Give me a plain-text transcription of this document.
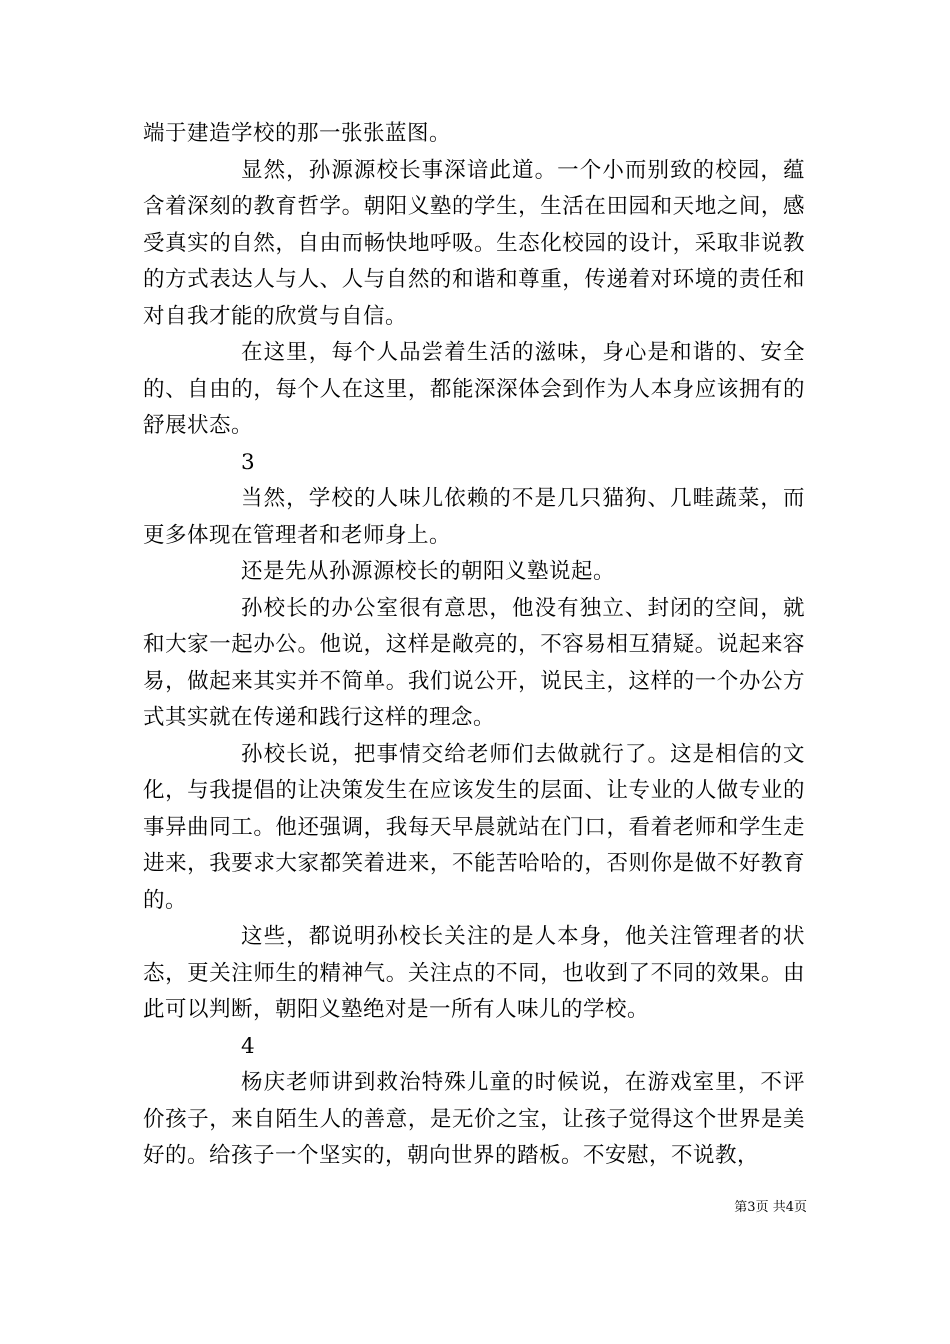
端于建造学校的那一张张蓝图。

显然，孙源源校长事深谙此道。一个小而别致的校园，蕴含着深刻的教育哲学。朝阳义塾的学生，生活在田园和天地之间，感受真实的自然，自由而畅快地呼吸。生态化校园的设计，采取非说教的方式表达人与人、人与自然的和谐和尊重，传递着对环境的责任和对自我才能的欣赏与自信。

在这里，每个人品尝着生活的滋味，身心是和谐的、安全的、自由的，每个人在这里，都能深深体会到作为人本身应该拥有的舒展状态。

3

当然，学校的人味儿依赖的不是几只猫狗、几畦蔬菜，而更多体现在管理者和老师身上。

还是先从孙源源校长的朝阳义塾说起。

孙校长的办公室很有意思，他没有独立、封闭的空间，就和大家一起办公。他说，这样是敞亮的，不容易相互猜疑。说起来容易，做起来其实并不简单。我们说公开，说民主，这样的一个办公方式其实就在传递和践行这样的理念。

孙校长说，把事情交给老师们去做就行了。这是相信的文化，与我提倡的让决策发生在应该发生的层面、让专业的人做专业的事异曲同工。他还强调，我每天早晨就站在门口，看着老师和学生走进来，我要求大家都笑着进来，不能苦哈哈的，否则你是做不好教育的。

这些，都说明孙校长关注的是人本身，他关注管理者的状态，更关注师生的精神气。关注点的不同，也收到了不同的效果。由此可以判断，朝阳义塾绝对是一所有人味儿的学校。

4

杨庆老师讲到救治特殊儿童的时候说，在游戏室里，不评价孩子，来自陌生人的善意，是无价之宝，让孩子觉得这个世界是美好的。给孩子一个坚实的，朝向世界的踏板。不安慰，不说教，

第3页 共4页
